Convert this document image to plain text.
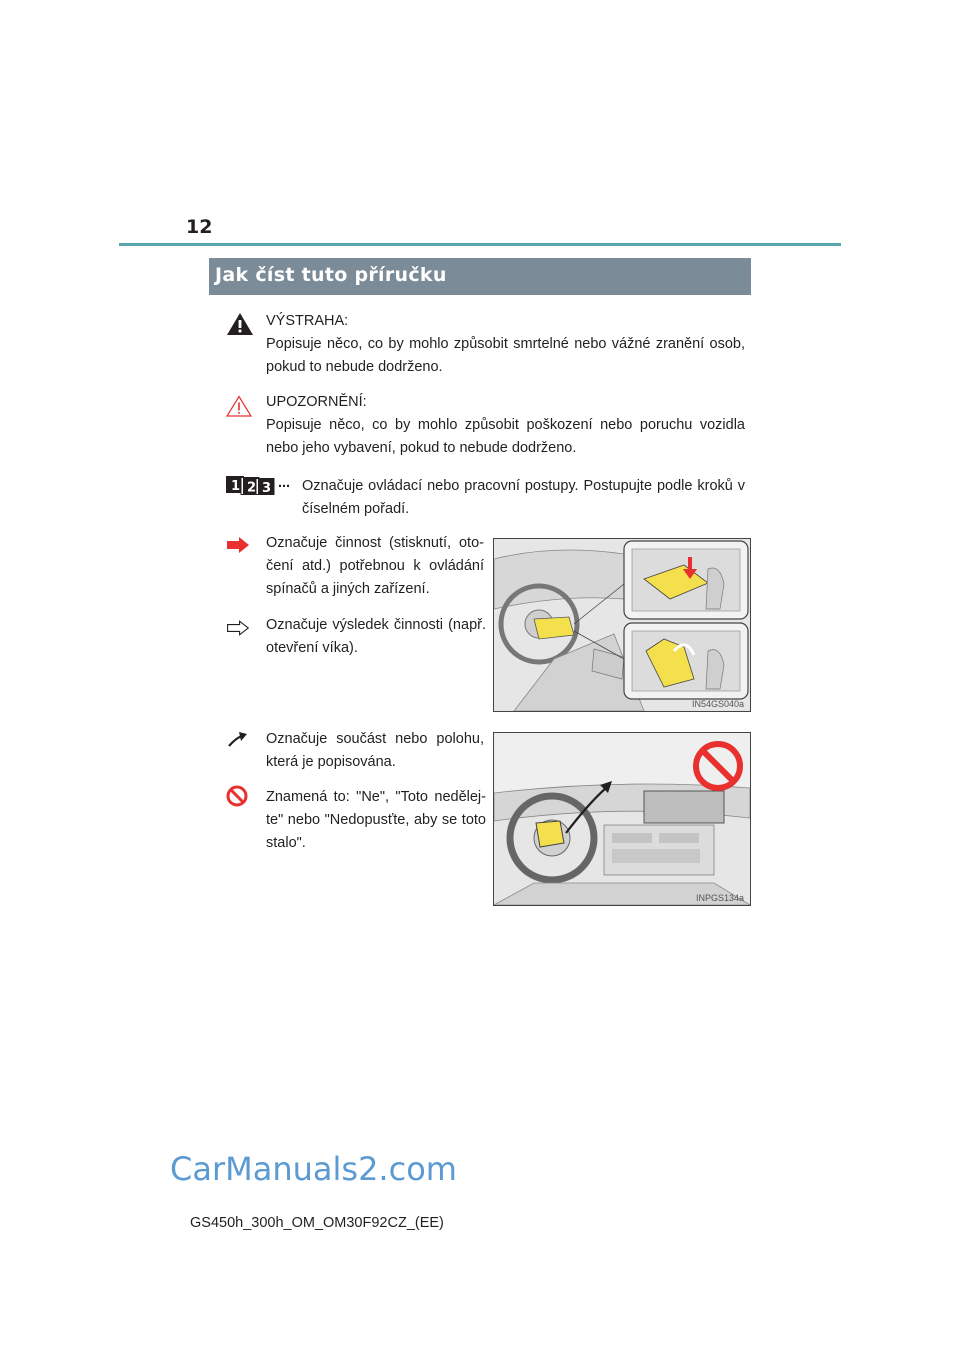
12
Jak číst tuto příručku
VÝSTRAHA:
Popisuje něco, co by mohlo způsobit smrtelné nebo vážné zranění osob, pokud to nebude dodrženo.
UPOZORNĚNÍ:
Popisuje něco, co by mohlo způsobit poškození nebo poruchu vozidla nebo jeho vybavení, pokud to nebude dodrženo.
1 2 3 ... Označuje ovládací nebo pracovní postupy. Postupujte podle kroků v číselném pořadí.
Označuje činnost (stisknutí, otočení atd.) potřebnou k ovládání spínačů a jiných zařízení.
Označuje výsledek činnosti (např. otevření víka).
IN54GS040a
Označuje součást nebo polohu, která je popisována.
Znamená to: "Ne", "Toto nedělejte" nebo "Nedopusťte, aby se toto stalo".
INPGS134a
CarManuals2.com
GS450h_300h_OM_OM30F92CZ_(EE)
